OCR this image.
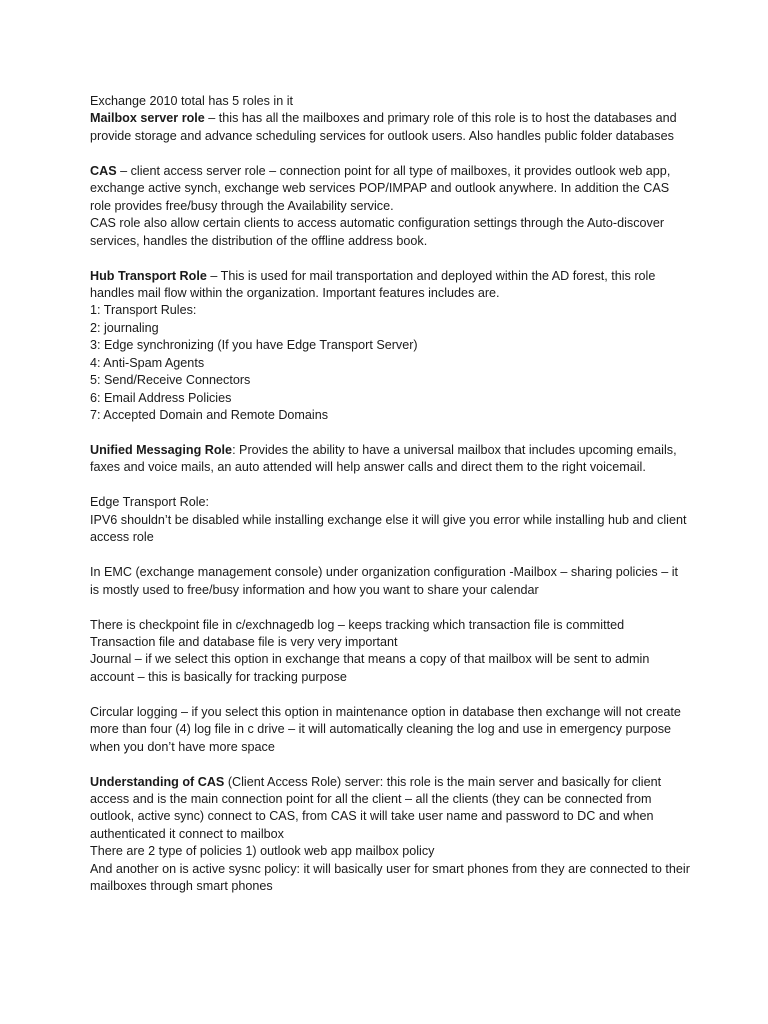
Exchange 2010 total has 5 roles in it

Mailbox server role – this has all the mailboxes and primary role of this role is to host the databases and provide storage and advance scheduling services for outlook users. Also handles public folder databases

CAS – client access server role – connection point for all type of mailboxes, it provides outlook web app, exchange active synch, exchange web services POP/IMPAP and outlook anywhere. In addition the CAS role provides free/busy through the Availability service.

CAS role also allow certain clients to access automatic configuration settings through the Auto-discover services, handles the distribution of the offline address book.

Hub Transport Role – This is used for mail transportation and deployed within the AD forest, this role handles mail flow within the organization. Important features includes are.

1: Transport Rules:

2: journaling

3: Edge synchronizing (If you have Edge Transport Server)

4: Anti-Spam Agents

5: Send/Receive Connectors

6: Email Address Policies

7: Accepted Domain and Remote Domains

Unified Messaging Role: Provides the ability to have a universal mailbox that includes upcoming emails, faxes and voice mails, an auto attended will help answer calls and direct them to the right voicemail.

Edge Transport Role:

IPV6 shouldn’t be disabled while installing exchange else it will give you error while installing hub and client access role

In EMC (exchange management console) under organization configuration -Mailbox – sharing policies – it is mostly used to free/busy information and how you want to share your calendar

There is checkpoint file in c/exchnagedb log – keeps tracking which transaction file is committed

Transaction file and database file is very very important

Journal – if we select this option in exchange that means a copy of that mailbox will be sent to admin account – this is basically for tracking purpose

Circular logging – if you select this option in maintenance option in database then exchange will not create more than four (4) log file in c drive – it will automatically cleaning the log and use in emergency purpose when you don’t have more space

Understanding of CAS (Client Access Role) server: this role is the main server and basically for client access and is the main connection point for all the client – all the clients (they can be connected from outlook, active sync) connect to CAS, from CAS it will take user name and password to DC and when authenticated it connect to mailbox

There are 2 type of policies 1) outlook web app mailbox policy

And another on is active sysnc policy: it will basically user for smart phones from they are connected to their mailboxes through smart phones
